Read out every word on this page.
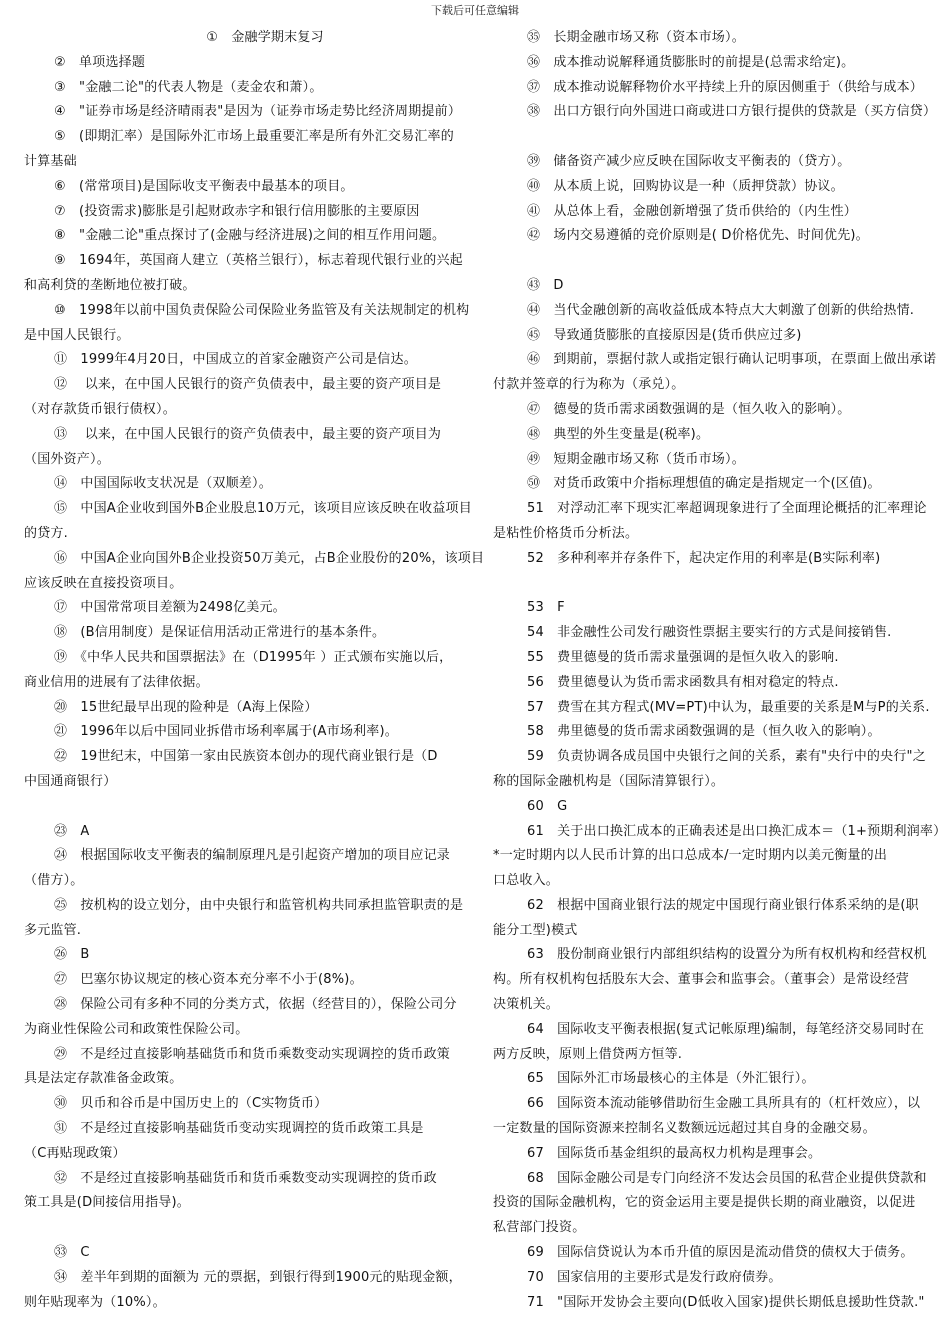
下载后可任意编辑
①　金融学期末复习
②　单项选择题
③　"金融二论"的代表人物是（麦金农和萧）。
④　"证券市场是经济晴雨表"是因为（证券市场走势比经济周期提前）
⑤　(即期汇率）是国际外汇市场上最重要汇率是所有外汇交易汇率的
计算基础
⑥　(常常项目)是国际收支平衡表中最基本的项目。
⑦　(投资需求)膨胀是引起财政赤字和银行信用膨胀的主要原因
⑧　"金融二论"重点探讨了(金融与经济进展)之间的相互作用问题。
⑨　1694年，英国商人建立（英格兰银行），标志着现代银行业的兴起
和高利贷的垄断地位被打破。
⑩　1998年以前中国负责保险公司保险业务监管及有关法规制定的机构
是中国人民银行。
⑪　1999年4月20日，中国成立的首家金融资产公司是信达。
⑫　 以来，在中国人民银行的资产负债表中，最主要的资产项目是
（对存款货币银行债权）。
⑬　 以来，在中国人民银行的资产负债表中，最主要的资产项目为
（国外资产）。
⑭　中国国际收支状况是（双顺差）。
⑮　中国A企业收到国外B企业股息10万元，该项目应该反映在收益项目
的贷方.
⑯　中国A企业向国外B企业投资50万美元，占B企业股份的20%，该项目
应该反映在直接投资项目。
⑰　中国常常项目差额为2498亿美元。
⑱　(B信用制度）是保证信用活动正常进行的基本条件。
⑲　《中华人民共和国票据法》在（D1995年 ）正式颁布实施以后，
商业信用的进展有了法律依据。
⑳　15世纪最早出现的险种是（A海上保险）
㉑　1996年以后中国同业拆借市场利率属于(A市场利率)。
㉒　19世纪末，中国第一家由民族资本创办的现代商业银行是（D
中国通商银行）
㉓　A
㉔　根据国际收支平衡表的编制原理凡是引起资产增加的项目应记录
（借方）。
㉕　按机构的设立划分，由中央银行和监管机构共同承担监管职责的是
多元监管.
㉖　B
㉗　巴塞尔协议规定的核心资本充分率不小于(8%)。
㉘　保险公司有多种不同的分类方式，依据（经营目的），保险公司分
为商业性保险公司和政策性保险公司。
㉙　不是经过直接影响基础货币和货币乘数变动实现调控的货币政策
具是法定存款准备金政策。
㉚　贝币和谷币是中国历史上的（C实物货币）
㉛　不是经过直接影响基础货币变动实现调控的货币政策工具是
（C再贴现政策）
㉜　不是经过直接影响基础货币和货币乘数变动实现调控的货币政
策工具是(D间接信用指导)。
㉝　C
㉞　差半年到期的面额为 元的票据，到银行得到1900元的贴现金额，
则年贴现率为（10%）。
㉟　长期金融市场又称（资本市场）。
㊱　成本推动说解释通货膨胀时的前提是(总需求给定)。
㊲　成本推动说解释物价水平持续上升的原因侧重于（供给与成本）
㊳　出口方银行向外国进口商或进口方银行提供的贷款是（买方信贷）
㊴　储备资产减少应反映在国际收支平衡表的（贷方）。
㊵　从本质上说，回购协议是一种（质押贷款）协议。
㊶　从总体上看，金融创新增强了货币供给的（内生性）
㊷　场内交易遵循的竞价原则是( D价格优先、时间优先)。
㊸　D
㊹　当代金融创新的高收益低成本特点大大刺激了创新的供给热情.
㊺　导致通货膨胀的直接原因是(货币供应过多)
㊻　到期前，票据付款人或指定银行确认记明事项，在票面上做出承诺
付款并签章的行为称为（承兑）。
㊼　德曼的货币需求函数强调的是（恒久收入的影响）。
㊽　典型的外生变量是(税率)。
㊾　短期金融市场又称（货币市场）。
㊿　对货币政策中介指标理想值的确定是指规定一个(区值)。
51　对浮动汇率下现实汇率超调现象进行了全面理论概括的汇率理论
是粘性价格货币分析法。
52　多种利率并存条件下，起决定作用的利率是(B实际利率)
53　F
54　非金融性公司发行融资性票据主要实行的方式是间接销售.
55　费里德曼的货币需求量强调的是恒久收入的影响.
56　费里德曼认为货币需求函数具有相对稳定的特点.
57　费雪在其方程式(MV=PT)中认为，最重要的关系是M与P的关系.
58　弗里德曼的货币需求函数强调的是（恒久收入的影响）。
59　负责协调各成员国中央银行之间的关系，素有"央行中的央行"之
称的国际金融机构是（国际清算银行）。
60　G
61　关于出口换汇成本的正确表述是出口换汇成本＝（1+预期利润率）
*一定时期内以人民币计算的出口总成本/一定时期内以美元衡量的出
口总收入。
62　根据中国商业银行法的规定中国现行商业银行体系采纳的是(职
能分工型)模式
63　股份制商业银行内部组织结构的设置分为所有权机构和经营权机
构。所有权机构包括股东大会、董事会和监事会。（董事会）是常设经营
决策机关。
64　国际收支平衡表根据(复式记帐原理)编制，每笔经济交易同时在
两方反映，原则上借贷两方恒等.
65　国际外汇市场最核心的主体是（外汇银行）。
66　国际资本流动能够借助衍生金融工具所具有的（杠杆效应），以
一定数量的国际资源来控制名义数额远远超过其自身的金融交易。
67　国际货币基金组织的最高权力机构是理事会。
68　国际金融公司是专门向经济不发达会员国的私营企业提供贷款和
投资的国际金融机构，它的资金运用主要是提供长期的商业融资，以促进
私营部门投资。
69　国际信贷说认为本币升值的原因是流动借贷的债权大于债务。
70　国家信用的主要形式是发行政府债券。
71　"国际开发协会主要向(D低收入国家)提供长期低息援助性贷款."
